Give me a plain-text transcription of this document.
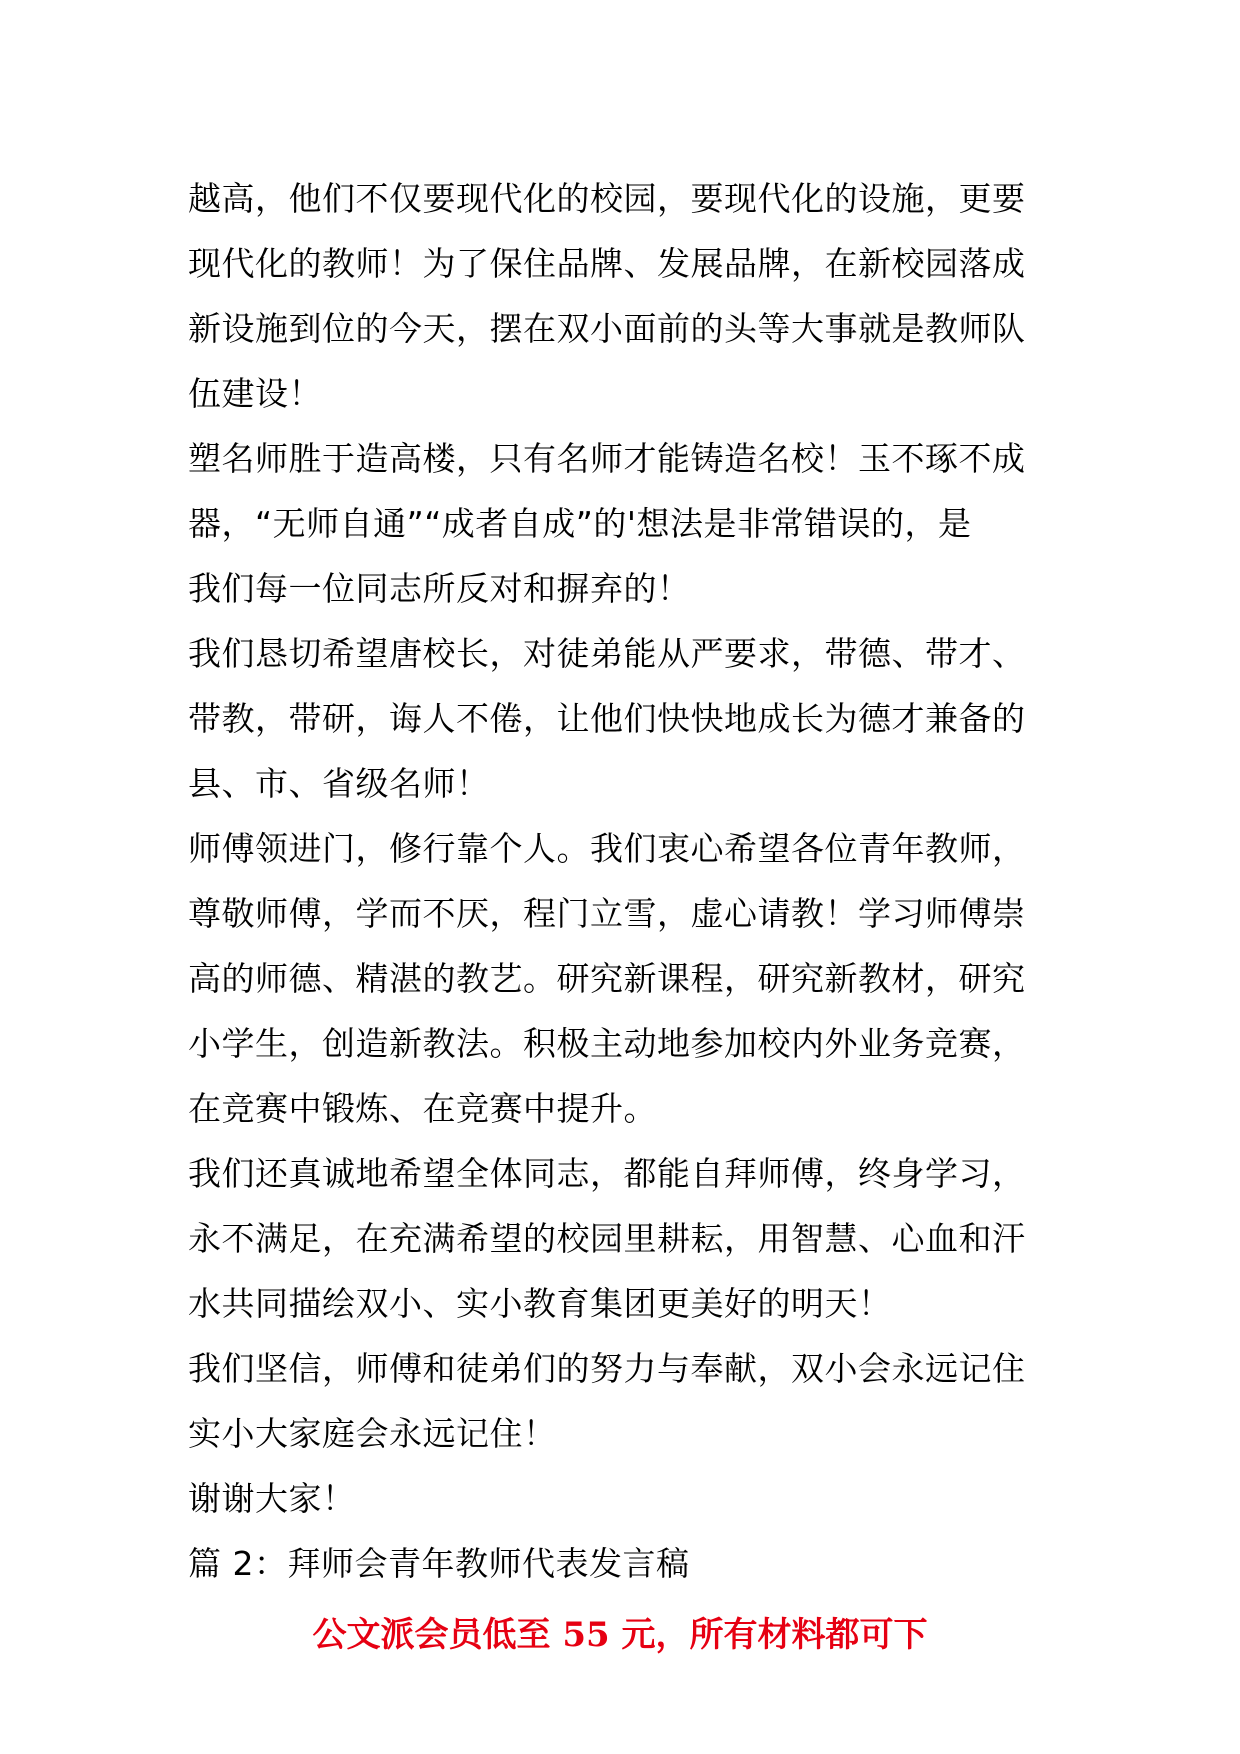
越高，他们不仅要现代化的校园，要现代化的设施，更要
现代化的教师！为了保住品牌、发展品牌，在新校园落成
新设施到位的今天，摆在双小面前的头等大事就是教师队
伍建设！
塑名师胜于造高楼，只有名师才能铸造名校！玉不琢不成
器，“无师自通”“成者自成”的'想法是非常错误的，是
我们每一位同志所反对和摒弃的！
我们恳切希望唐校长，对徒弟能从严要求，带德、带才、
带教，带研，诲人不倦，让他们快快地成长为德才兼备的
县、市、省级名师！
师傅领进门，修行靠个人。我们衷心希望各位青年教师，
尊敬师傅，学而不厌，程门立雪，虚心请教！学习师傅崇
高的师德、精湛的教艺。研究新课程，研究新教材，研究
小学生，创造新教法。积极主动地参加校内外业务竞赛，
在竞赛中锻炼、在竞赛中提升。
我们还真诚地希望全体同志，都能自拜师傅，终身学习，
永不满足，在充满希望的校园里耕耘，用智慧、心血和汗
水共同描绘双小、实小教育集团更美好的明天！
我们坚信，师傅和徒弟们的努力与奉献，双小会永远记住
实小大家庭会永远记住！
谢谢大家！
篇 2：拜师会青年教师代表发言稿
公文派会员低至 55 元，所有材料都可下
